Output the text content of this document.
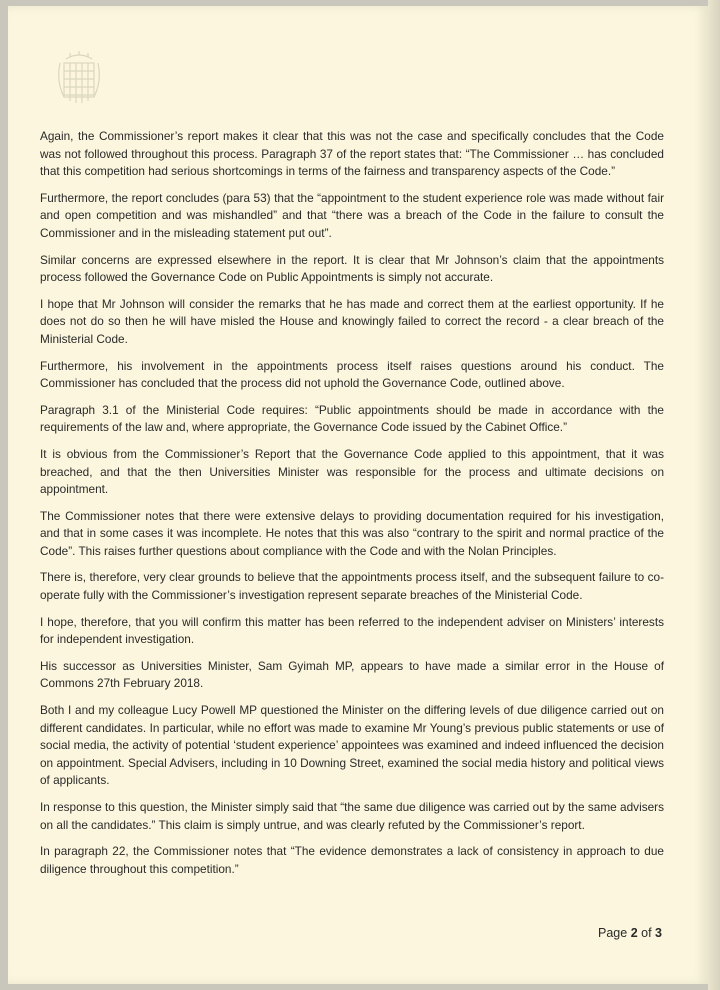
Again, the Commissioner’s report makes it clear that this was not the case and specifically concludes that the Code was not followed throughout this process. Paragraph 37 of the report states that: “The Commissioner … has concluded that this competition had serious shortcomings in terms of the fairness and transparency aspects of the Code.”

Furthermore, the report concludes (para 53) that the “appointment to the student experience role was made without fair and open competition and was mishandled” and that “there was a breach of the Code in the failure to consult the Commissioner and in the misleading statement put out”.

Similar concerns are expressed elsewhere in the report. It is clear that Mr Johnson’s claim that the appointments process followed the Governance Code on Public Appointments is simply not accurate.

I hope that Mr Johnson will consider the remarks that he has made and correct them at the earliest opportunity. If he does not do so then he will have misled the House and knowingly failed to correct the record - a clear breach of the Ministerial Code.

Furthermore, his involvement in the appointments process itself raises questions around his conduct. The Commissioner has concluded that the process did not uphold the Governance Code, outlined above.

Paragraph 3.1 of the Ministerial Code requires: “Public appointments should be made in accordance with the requirements of the law and, where appropriate, the Governance Code issued by the Cabinet Office.”

It is obvious from the Commissioner’s Report that the Governance Code applied to this appointment, that it was breached, and that the then Universities Minister was responsible for the process and ultimate decisions on appointment.

The Commissioner notes that there were extensive delays to providing documentation required for his investigation, and that in some cases it was incomplete. He notes that this was also “contrary to the spirit and normal practice of the Code”. This raises further questions about compliance with the Code and with the Nolan Principles.

There is, therefore, very clear grounds to believe that the appointments process itself, and the subsequent failure to co-operate fully with the Commissioner’s investigation represent separate breaches of the Ministerial Code.

I hope, therefore, that you will confirm this matter has been referred to the independent adviser on Ministers’ interests for independent investigation.

His successor as Universities Minister, Sam Gyimah MP, appears to have made a similar error in the House of Commons 27th February 2018.

Both I and my colleague Lucy Powell MP questioned the Minister on the differing levels of due diligence carried out on different candidates. In particular, while no effort was made to examine Mr Young’s previous public statements or use of social media, the activity of potential ‘student experience’ appointees was examined and indeed influenced the decision on appointment. Special Advisers, including in 10 Downing Street, examined the social media history and political views of applicants.

In response to this question, the Minister simply said that “the same due diligence was carried out by the same advisers on all the candidates.” This claim is simply untrue, and was clearly refuted by the Commissioner’s report.

In paragraph 22, the Commissioner notes that “The evidence demonstrates a lack of consistency in approach to due diligence throughout this competition.”

Page 2 of 3
